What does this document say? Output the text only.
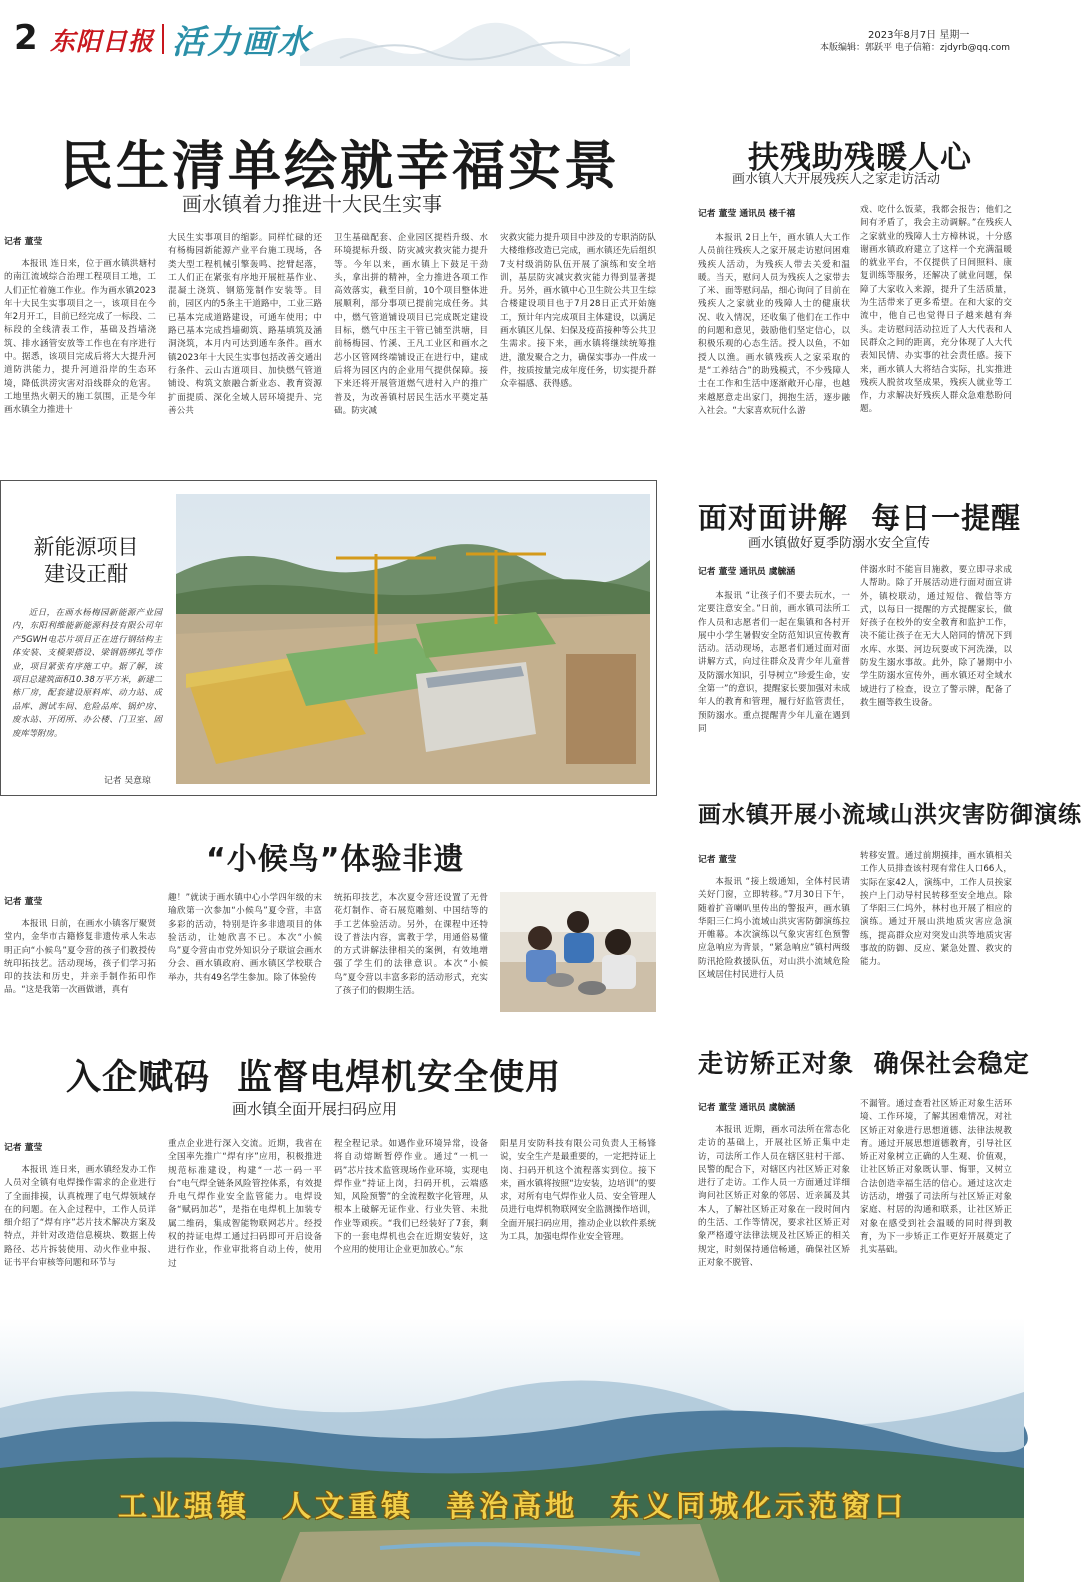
2 东阳日报 活力画水	2023年8月7日 星期一
本版编辑：郭跃平 电子信箱：zjdyrb@qq.com
民生清单绘就幸福实景
画水镇着力推进十大民生实事
记者 董莹

本报讯 连日来，位于画水镇洪塘村的南江流域综合治理工程项目工地，工人们正忙着施工作业。作为画水镇2023年十大民生实事项目之一，该项目在今年2月开工，目前已经完成了一标段、二标段的全线清表工作，基础及挡墙浇筑、排水涵管安放等工作也在有序进行中。据悉，该项目完成后将大大提升河道防洪能力，提升河道沿岸的生态环境，降低洪涝灾害对沿线群众的危害。工地里热火朝天的施工氛围，正是今年画水镇全力推进十

大民生实事项目的缩影。同样忙碌的还有杨梅园新能源产业平台施工现场，各类大型工程机械引擎轰鸣、挖臂起落，工人们正在紧张有序地开展桩基作业、混凝土浇筑、钢筋笼制作安装等。目前，园区内的5条主干道路中，工业三路已基本完成道路建设，可通车使用；中路已基本完成挡墙砌筑、路基填筑及涵洞浇筑，本月内可达到通车条件。画水镇2023年十大民生实事包括改善交通出行条件、云山古道项目、加快燃气管道铺设、构筑文旅融合新业态、教育资源扩面提质、深化全域人居环境提升、完善公共

卫生基础配套、企业园区提档升级、水环境提标升级、防灾减灾救灾能力提升等。今年以来，画水镇上下鼓足干劲头，拿出拼的精神，全力推进各项工作高效落实，截至目前，10个项目整体进展顺利，部分事项已提前完成任务。其中，燃气管道铺设项目已完成既定建设目标，燃气中压主干管已铺至洪塘，目前杨梅园、竹溪、王凡工业区和画水之芯小区管网终端铺设正在进行中，建成后将为园区内的企业用气提供保障。接下来还将开展管道燃气进村入户的推广普及，为改善镇村居民生活水平奠定基础。防灾减

灾救灾能力提升项目中涉及的专职消防队大楼维修改造已完成，画水镇还先后组织7支村级消防队伍开展了演练和安全培训，基层防灾减灾救灾能力得到显著提升。另外，画水镇中心卫生院公共卫生综合楼建设项目也于7月28日正式开始施工，预计年内完成项目主体建设，以满足画水镇区儿保、妇保及疫苗接种等公共卫生需求。接下来，画水镇将继续统筹推进，激发聚合之力，确保实事办一件成一件，按质按量完成年度任务，切实提升群众幸福感、获得感。

扶残助残暖人心
画水镇人大开展残疾人之家走访活动
记者 董莹 通讯员 楼千禧

本报讯 2日上午，画水镇人大工作人员前往残疾人之家开展走访慰问困难残疾人活动，为残疾人带去关爱和温暖。当天，慰问人员为残疾人之家带去了米、面等慰问品，细心询问了目前在残疾人之家就业的残障人士的健康状况、收入情况，还收集了他们在工作中的问题和意见，鼓励他们坚定信心，以积极乐观的心态生活。授人以鱼，不如授人以渔。画水镇残疾人之家采取的是“工养结合”的助残模式，不少残障人士在工作和生活中逐渐敞开心扉，也越来越愿意走出家门，拥抱生活，逐步融入社会。“大家喜欢玩什么游

戏、吃什么饭菜，我都会报告；他们之间有矛盾了，我会主动调解。”在残疾人之家就业的残障人士方樟林说，十分感谢画水镇政府建立了这样一个充满温暖的就业平台，不仅提供了日间照料、康复训练等服务，还解决了就业问题，保障了大家收入来源，提升了生活质量，为生活带来了更多希望。在和大家的交流中，他自己也觉得日子越来越有奔头。走访慰问活动拉近了人大代表和人民群众之间的距离，充分体现了人大代表知民情、办实事的社会责任感。接下来，画水镇人大将结合实际，扎实推进残疾人脱贫攻坚成果，残疾人就业等工作，力求解决好残疾人群众急难愁盼问题。

新能源项目建设正酣

近日，在画水杨梅园新能源产业园内，东阳利维能新能源科技有限公司年产5GWH电芯片项目正在进行钢结构主体安装、支模架搭设、梁钢筋绑扎等作业，项目紧张有序施工中。据了解，该项目总建筑面积10.38万平方米，新建二栋厂房，配套建设原料库、动力站、成品库、测试车间、危险品库、锅炉房、废水站、开闭所、办公楼、门卫室、固废库等附房。

记者 吴意琼
面对面讲解 每日一提醒
画水镇做好夏季防溺水安全宣传
记者 董莹 通讯员 虞毓涵

本报讯 “让孩子们不要去玩水，一定要注意安全。”日前，画水镇司法所工作人员和志愿者们一起在集镇和各村开展中小学生暑假安全防范知识宣传教育活动。活动现场，志愿者们通过面对面讲解方式，向过往群众及青少年儿童普及防溺水知识，引导树立“珍爱生命，安全第一”的意识，提醒家长要加强对未成年人的教育和管理，履行好监管责任，预防溺水。重点提醒青少年儿童在遇到同

伴溺水时不能盲目施救，要立即寻求成人帮助。除了开展活动进行面对面宣讲外，镇校联动，通过短信、微信等方式，以每日一提醒的方式提醒家长，做好孩子在校外的安全教育和监护工作，决不能让孩子在无大人陪同的情况下到水库、水渠、河边玩耍或下河洗澡，以防发生溺水事故。此外，除了暑期中小学生防溺水宣传外，画水镇还对全域水域进行了检查，设立了警示牌，配备了救生圈等救生设备。

“小候鸟”体验非遗
记者 董莹

本报讯 日前，在画水小镇客厅聚贤堂内，金华市古籍修复非遗传承人朱志明正向“小候鸟”夏令营的孩子们教授传统印拓技艺。活动现场，孩子们学习拓印的技法和历史，并亲手制作拓印作品。“这是我第一次画做谱，真有

趣！”就读于画水镇中心小学四年级的末瑜欣第一次参加“小候鸟”夏令营，丰富多彩的活动，特别是许多非遗项目的体验活动，让她欣喜不已。本次“小候鸟”夏令营由市党外知识分子联谊会画水分会、画水镇政府、画水镇区学校联合举办，共有49名学生参加。除了体验传

统拓印技艺，本次夏令营还设置了无骨花灯制作、奇石展览雕刻、中国结等的手工艺体验活动。另外，在课程中还特设了普法内容，寓教于学，用通俗易懂的方式讲解法律相关的案例，有效地增强了学生们的法律意识。本次“小候鸟”夏令营以丰富多彩的活动形式，充实了孩子们的假期生活。

画水镇开展小流域山洪灾害防御演练
记者 董莹

本报讯 “接上级通知，全体村民请关好门窗，立即转移。”7月30日下午，随着扩音喇叭里传出的警报声，画水镇华阳三仁坞小流域山洪灾害防御演练拉开帷幕。本次演练以气象灾害红色预警应急响应为背景，“紧急响应”镇村两级防汛抢险救援队伍，对山洪小流域危险区域居住村民进行人员

转移安置。通过前期摸排，画水镇相关工作人员排查该村现有常住人口66人，实际在家42人，演练中，工作人员挨家挨户上门动导村民转移至安全地点。除了华阳三仁坞外，林村也开展了相应的演练。通过开展山洪地质灾害应急演练，提高群众应对突发山洪等地质灾害事故的防御、反应、紧急处置、救灾的能力。

入企赋码 监督电焊机安全使用
画水镇全面开展扫码应用
记者 董莹

本报讯 连日来，画水镇经发办工作人员对全镇有电焊操作需求的企业进行了全面排摸，认真梳理了电气焊领域存在的问题。在入企过程中，工作人员详细介绍了“焊有序”芯片技术解决方案及特点，并针对改造信息模块、数据上传路径、芯片拆装使用、动火作业申报、证书平台审核等问题和环节与

重点企业进行深入交流。近期，我省在全国率先推广“焊有序”应用，积极推进规范标准建设，构建“一芯一码一平台”电气焊全链条风险管控体系，有效提升电气焊作业安全监管能力。电焊设备“赋码加芯”，是指在电焊机上加装专属二维码，集成智能物联网芯片。经授权的持证电焊工通过扫码即可开启设备进行作业，作业审批将自动上传，使用过

程全程记录。如遇作业环境异常，设备将自动熔断暂停作业。通过“一机一码”芯片技术监管现场作业环境，实现电焊作业“持证上岗，扫码开机，云端感知，风险预警”的全流程数字化管理，从根本上破解无证作业、行业失管、未批作业等顽疾。“我们已经装好了7套，剩下的一套电焊机也会在近期安装好，这个应用的使用让企业更加放心。”东

阳星月安防科技有限公司负责人王杨锋说，安全生产是最重要的，一定把持证上岗、扫码开机这个流程落实到位。接下来，画水镇将按照“边安装，边培训”的要求，对所有电气焊作业人员、安全管理人员进行电焊机物联网安全监测操作培训，全面开展扫码应用，推动企业以软件系统为工具，加强电焊作业安全管理。

走访矫正对象 确保社会稳定
记者 董莹 通讯员 虞毓涵

本报讯 近期，画水司法所在常态化走访的基础上，开展社区矫正集中走访，司法所工作人员在辖区驻村干部、民警的配合下，对辖区内社区矫正对象进行了走访。工作人员一方面通过详细询问社区矫正对象的邻居、近亲属及其本人，了解社区矫正对象在一段时间内的生活、工作等情况，要求社区矫正对象严格遵守法律法规及社区矫正的相关规定，时刻保持通信畅通，确保社区矫正对象不脱管、

不漏管。通过查看社区矫正对象生活环境、工作环境，了解其困难情况，对社区矫正对象进行思想道德、法律法规教育。通过开展思想道德教育，引导社区矫正对象树立正确的人生观、价值观，让社区矫正对象既认罪、悔罪，又树立合法创造幸福生活的信心。通过这次走访活动，增强了司法所与社区矫正对象家庭、村居的沟通和联系，让社区矫正对象在感受到社会温暖的同时得到教育，为下一步矫正工作更好开展奠定了扎实基础。

工业强镇 人文重镇 善治高地 东义同城化示范窗口
